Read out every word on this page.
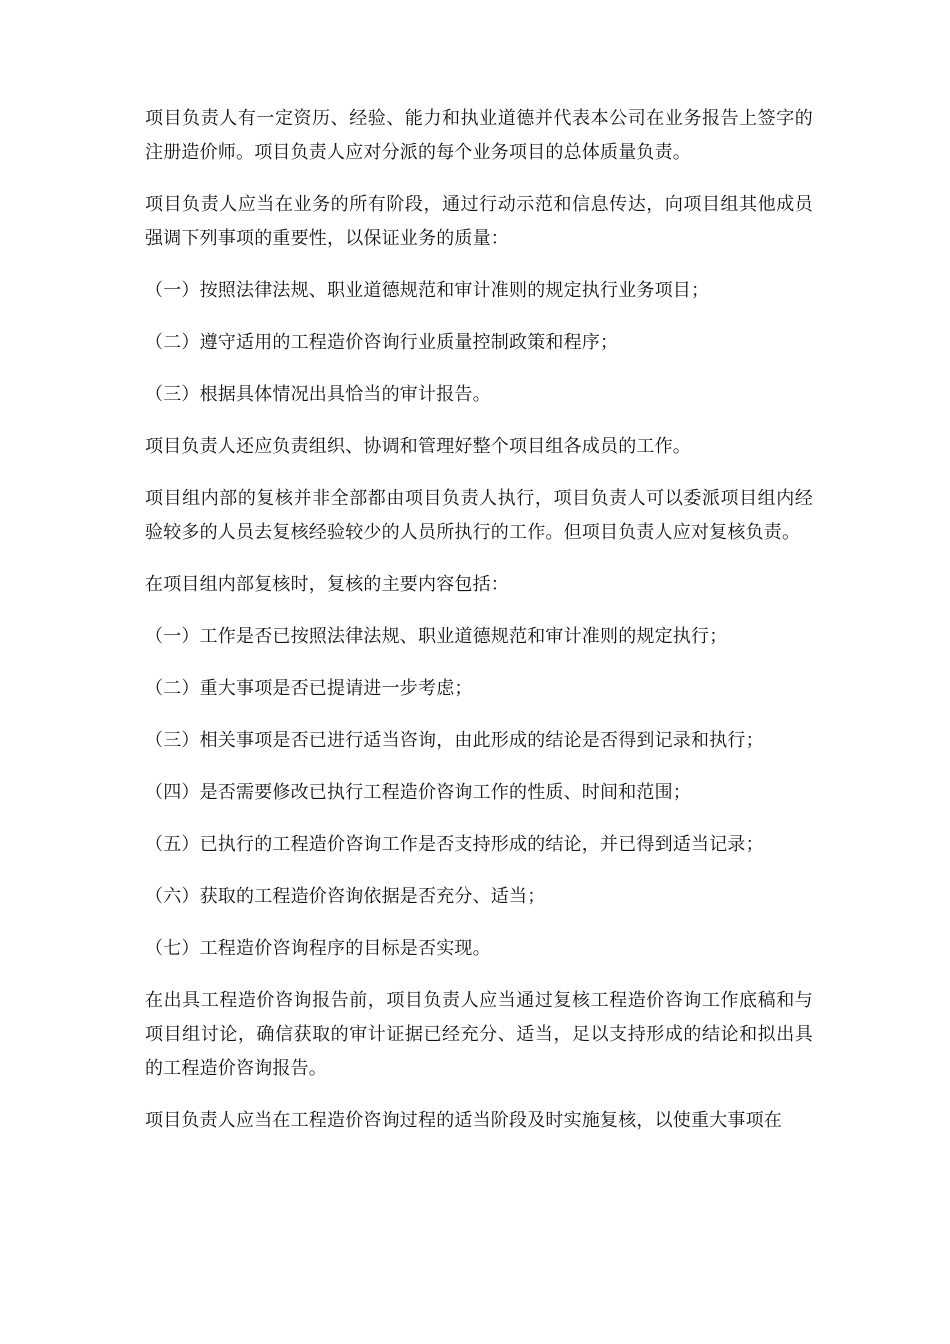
项目负责人有一定资历、经验、能力和执业道德并代表本公司在业务报告上签字的注册造价师。项目负责人应对分派的每个业务项目的总体质量负责。

项目负责人应当在业务的所有阶段，通过行动示范和信息传达，向项目组其他成员强调下列事项的重要性，以保证业务的质量：

（一）按照法律法规、职业道德规范和审计准则的规定执行业务项目；

（二）遵守适用的工程造价咨询行业质量控制政策和程序；

（三）根据具体情况出具恰当的审计报告。

项目负责人还应负责组织、协调和管理好整个项目组各成员的工作。

项目组内部的复核并非全部都由项目负责人执行，项目负责人可以委派项目组内经验较多的人员去复核经验较少的人员所执行的工作。但项目负责人应对复核负责。

在项目组内部复核时，复核的主要内容包括：

（一）工作是否已按照法律法规、职业道德规范和审计准则的规定执行；

（二）重大事项是否已提请进一步考虑；

（三）相关事项是否已进行适当咨询，由此形成的结论是否得到记录和执行；

（四）是否需要修改已执行工程造价咨询工作的性质、时间和范围；

（五）已执行的工程造价咨询工作是否支持形成的结论，并已得到适当记录；

（六）获取的工程造价咨询依据是否充分、适当；

（七）工程造价咨询程序的目标是否实现。

在出具工程造价咨询报告前，项目负责人应当通过复核工程造价咨询工作底稿和与项目组讨论，确信获取的审计证据已经充分、适当，足以支持形成的结论和拟出具的工程造价咨询报告。

项目负责人应当在工程造价咨询过程的适当阶段及时实施复核，以使重大事项在
